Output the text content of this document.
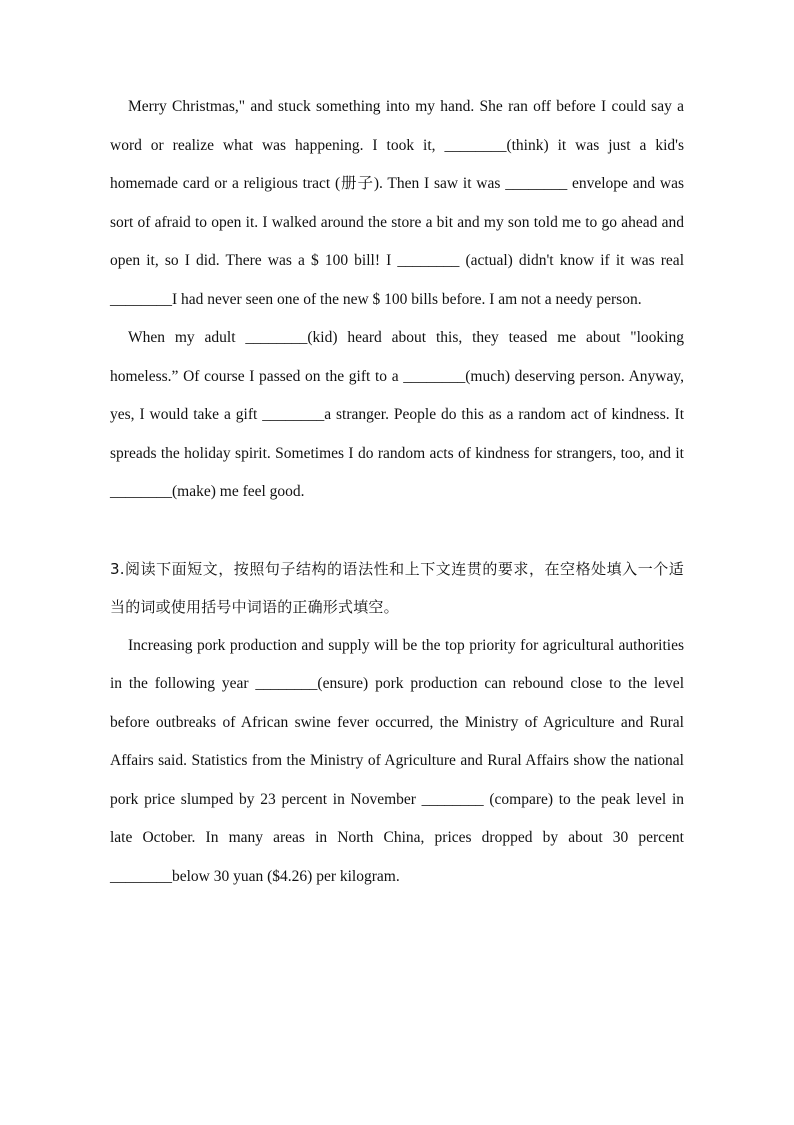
Merry Christmas," and stuck something into my hand. She ran off before I could say a word or realize what was happening. I took it, ________(think) it was just a kid's homemade card or a religious tract (册子). Then I saw it was ________ envelope and was sort of afraid to open it. I walked around the store a bit and my son told me to go ahead and open it, so I did. There was a $ 100 bill! I ________ (actual) didn't know if it was real ________I had never seen one of the new $ 100 bills before. I am not a needy person.

When my adult ________(kid) heard about this, they teased me about "looking homeless.” Of course I passed on the gift to a ________(much) deserving person. Anyway, yes, I would take a gift ________a stranger. People do this as a random act of kindness. It spreads the holiday spirit. Sometimes I do random acts of kindness for strangers, too, and it ________(make) me feel good.

3.阅读下面短文，按照句子结构的语法性和上下文连贯的要求，在空格处填入一个适当的词或使用括号中词语的正确形式填空。

Increasing pork production and supply will be the top priority for agricultural authorities in the following year ________(ensure) pork production can rebound close to the level before outbreaks of African swine fever occurred, the Ministry of Agriculture and Rural Affairs said. Statistics from the Ministry of Agriculture and Rural Affairs show the national pork price slumped by 23 percent in November ________ (compare) to the peak level in late October. In many areas in North China, prices dropped by about 30 percent ________below 30 yuan ($4.26) per kilogram.
